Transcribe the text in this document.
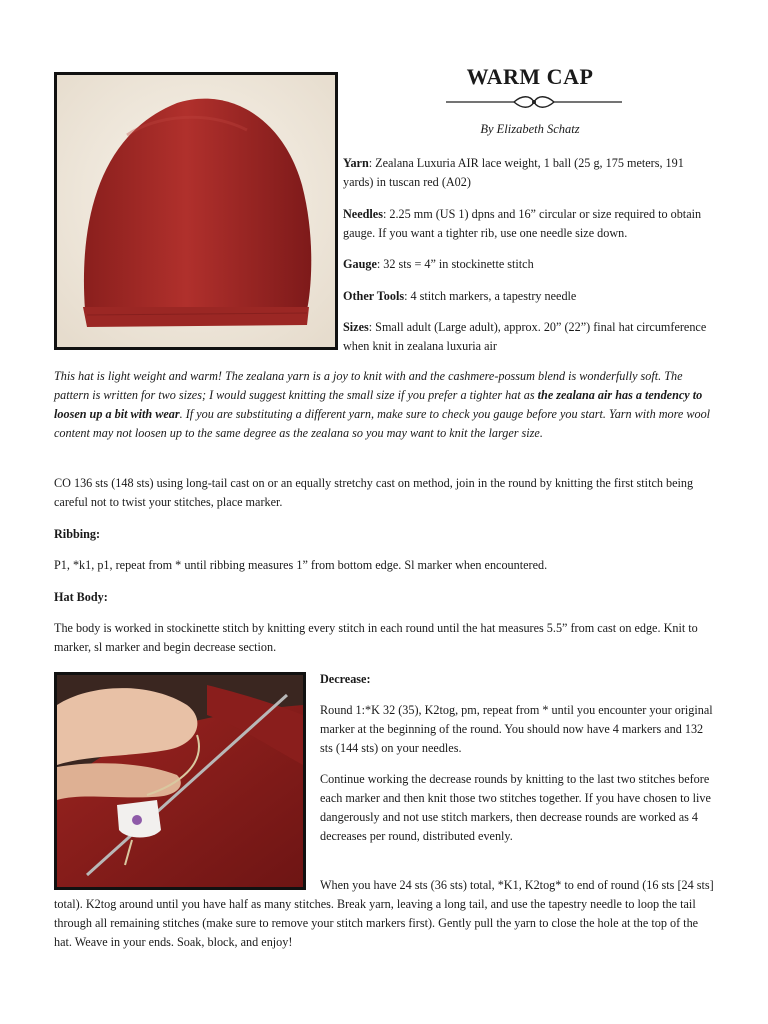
WARM CAP
By Elizabeth Schatz

Yarn: Zealana Luxuria AIR lace weight, 1 ball (25 g, 175 meters, 191 yards) in tuscan red (A02)

Needles: 2.25 mm (US 1) dpns and 16” circular or size required to obtain gauge. If you want a tighter rib, use one needle size down.

Gauge: 32 sts = 4” in stockinette stitch

Other Tools: 4 stitch markers, a tapestry needle

Sizes: Small adult (Large adult), approx. 20” (22”) final hat circumference when knit in zealana luxuria air

This hat is light weight and warm! The zealana yarn is a joy to knit with and the cashmere-possum blend is wonderfully soft. The pattern is written for two sizes; I would suggest knitting the small size if you prefer a tighter hat as the zealana air has a tendency to loosen up a bit with wear. If you are substituting a different yarn, make sure to check you gauge before you start. Yarn with more wool content may not loosen up to the same degree as the zealana so you may want to knit the larger size.

CO 136 sts (148 sts) using long-tail cast on or an equally stretchy cast on method, join in the round by knitting the first stitch being careful not to twist your stitches, place marker.

Ribbing:

P1, *k1, p1, repeat from * until ribbing measures 1” from bottom edge. Sl marker when encountered.

Hat Body:

The body is worked in stockinette stitch by knitting every stitch in each round until the hat measures 5.5” from cast on edge. Knit to marker, sl marker and begin decrease section.

Decrease:

Round 1:*K 32 (35), K2tog, pm, repeat from * until you encounter your original marker at the beginning of the round. You should now have 4 markers and 132 sts (144 sts) on your needles.

Continue working the decrease rounds by knitting to the last two stitches before each marker and then knit those two stitches together. If you have chosen to live dangerously and not use stitch markers, then decrease rounds are worked as 4 decreases per round, distributed evenly.

When you have 24 sts (36 sts) total, *K1, K2tog* to end of round (16 sts [24 sts] total). K2tog around until you have half as many stitches. Break yarn, leaving a long tail, and use the tapestry needle to loop the tail through all remaining stitches (make sure to remove your stitch markers first). Gently pull the yarn to close the hole at the top of the hat. Weave in your ends. Soak, block, and enjoy!
